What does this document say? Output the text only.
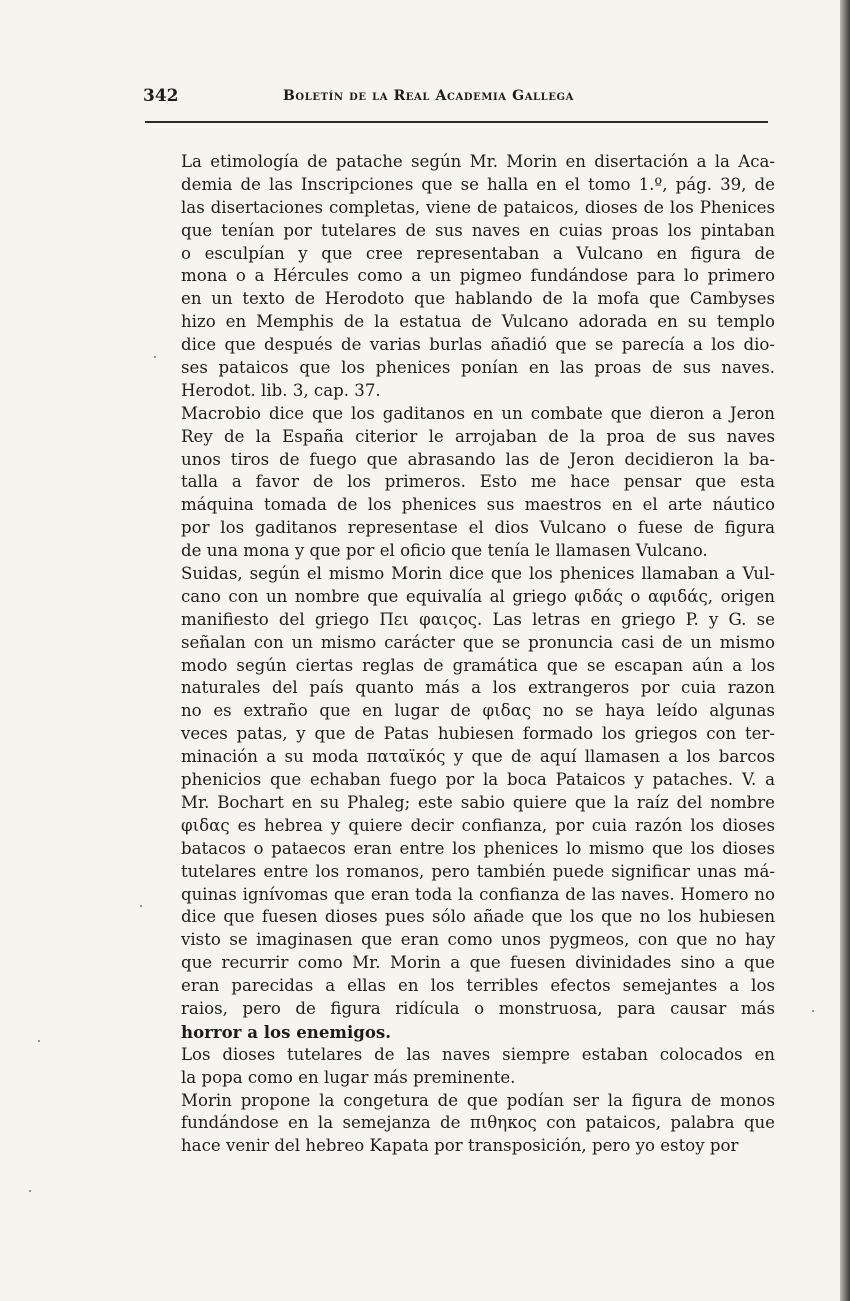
342	Boletín de la Real Academia Gallega
La etimología de patache según Mr. Morin en disertación a la Aca-
demia de las Inscripciones que se halla en el tomo 1.º, pág. 39, de
las disertaciones completas, viene de pataicos, dioses de los Phenices
que tenían por tutelares de sus naves en cuias proas los pintaban
o esculpían y que cree representaban a Vulcano en figura de
mona o a Hércules como a un pigmeo fundándose para lo primero
en un texto de Herodoto que hablando de la mofa que Cambyses
hizo en Memphis de la estatua de Vulcano adorada en su templo
dice que después de varias burlas añadió que se parecía a los dio-
ses pataicos que los phenices ponían en las proas de sus naves.
Herodot. lib. 3, cap. 37.
Macrobio dice que los gaditanos en un combate que dieron a Jeron
Rey de la España citerior le arrojaban de la proa de sus naves
unos tiros de fuego que abrasando las de Jeron decidieron la ba-
talla a favor de los primeros. Esto me hace pensar que esta
máquina tomada de los phenices sus maestros en el arte náutico
por los gaditanos representase el dios Vulcano o fuese de figura
de una mona y que por el oficio que tenía le llamasen Vulcano.
Suidas, según el mismo Morin dice que los phenices llamaban a Vul-
cano con un nombre que equivalía al griego φιδάς ο αφιδάς, origen
manifiesto del griego Πει φαιςος. Las letras en griego P. y G. se
señalan con un mismo carácter que se pronuncia casi de un mismo
modo según ciertas reglas de gramática que se escapan aún a los
naturales del país quanto más a los extrangeros por cuia razon
no es extraño que en lugar de φιδας no se haya leído algunas
veces patas, y que de Patas hubiesen formado los griegos con ter-
minación a su moda παταϊκός y que de aquí llamasen a los barcos
phenicios que echaban fuego por la boca Pataicos y pataches. V. a
Mr. Bochart en su Phaleg; este sabio quiere que la raíz del nombre
φιδας es hebrea y quiere decir confianza, por cuia razón los dioses
batacos o pataecos eran entre los phenices lo mismo que los dioses
tutelares entre los romanos, pero también puede significar unas má-
quinas ignívomas que eran toda la confianza de las naves. Homero no
dice que fuesen dioses pues sólo añade que los que no los hubiesen
visto se imaginasen que eran como unos pygmeos, con que no hay
que recurrir como Mr. Morin a que fuesen divinidades sino a que
eran parecidas a ellas en los terribles efectos semejantes a los
raios, pero de figura ridícula o monstruosa, para causar más
horror a los enemigos.
Los dioses tutelares de las naves siempre estaban colocados en
la popa como en lugar más preminente.
Morin propone la congetura de que podían ser la figura de monos
fundándose en la semejanza de πιθηκος con pataicos, palabra que
hace venir del hebreo Kapata por transposición, pero yo estoy por
